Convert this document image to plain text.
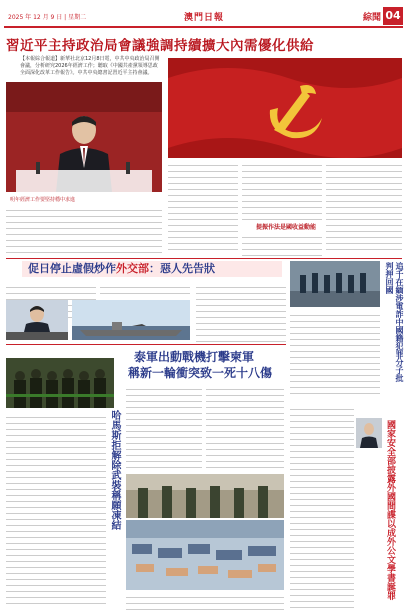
2025 年 12 月 9 日 | 星期二	澳門日報	綜聞 04
習近平主持政治局會議強調持續擴大內需優化供給
【本報綜合報道】新華社北京12月8日電，中共中央政治局召開會議，分析研究2026年經濟工作；聽取《中國共產黨領導思政全面深化改革工作報告》。中共中央總書記習近平主持會議。
明年經濟工作要堅持穩中求進
提振作法是國收益動能
促日停止虛假炒作外交部：惡人先告狀	追千在緬涉電詐中國籍犯罪分子批判押回國
泰軍出動戰機打擊柬軍
稱新一輪衝突致一死十八傷
哈馬斯拒解除武裝稱願凍結	國家安全部披露外國間諜以成外公文學書誕罪
